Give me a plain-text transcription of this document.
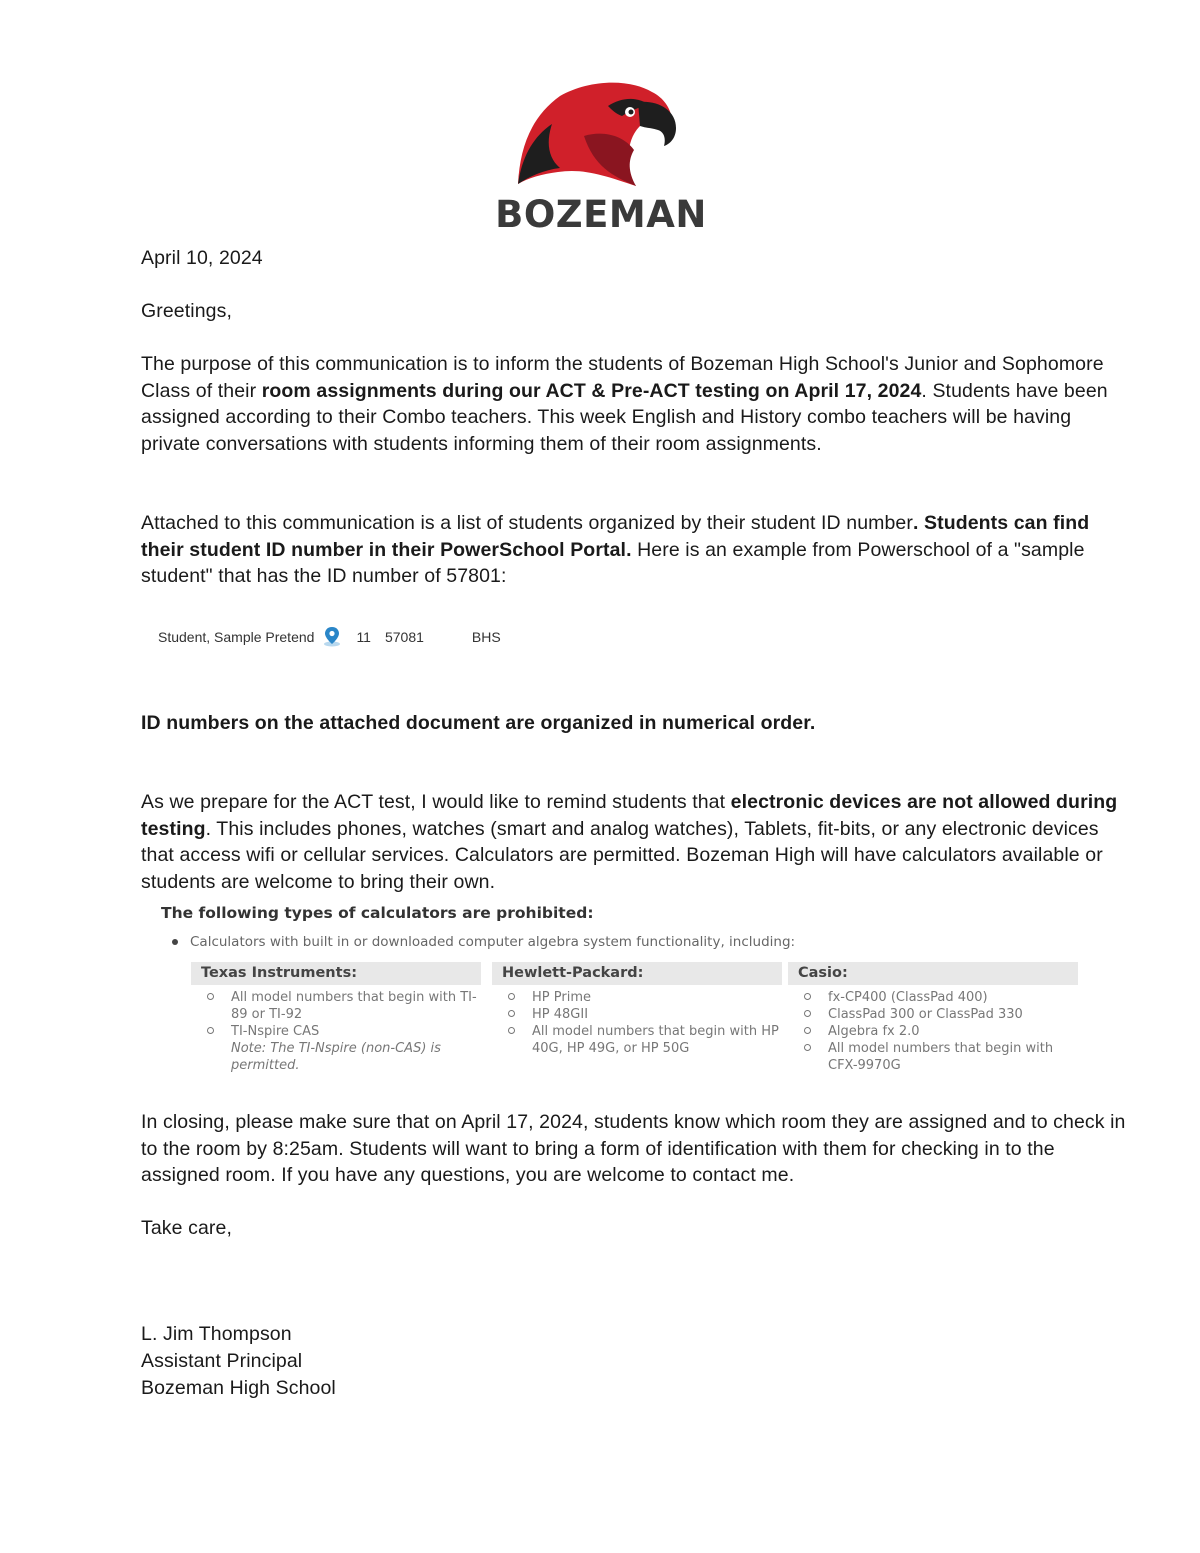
BOZEMAN

April 10, 2024

Greetings,

The purpose of this communication is to inform the students of Bozeman High School's Junior and Sophomore Class of their room assignments during our ACT & Pre-ACT testing on April 17, 2024. Students have been assigned according to their Combo teachers. This week English and History combo teachers will be having private conversations with students informing them of their room assignments.

Attached to this communication is a list of students organized by their student ID number. Students can find their student ID number in their PowerSchool Portal. Here is an example from Powerschool of a "sample student" that has the ID number of 57801:

Student, Sample Pretend	11 57081	BHS

ID numbers on the attached document are organized in numerical order.

As we prepare for the ACT test, I would like to remind students that electronic devices are not allowed during testing. This includes phones, watches (smart and analog watches), Tablets, fit-bits, or any electronic devices that access wifi or cellular services. Calculators are permitted. Bozeman High will have calculators available or students are welcome to bring their own.

The following types of calculators are prohibited:
Calculators with built in or downloaded computer algebra system functionality, including:
Texas Instruments:
All model numbers that begin with TI-89 or TI-92
TI-Nspire CAS
Note: The TI-Nspire (non-CAS) is permitted.
Hewlett-Packard:
HP Prime
HP 48GII
All model numbers that begin with HP 40G, HP 49G, or HP 50G
Casio:
fx-CP400 (ClassPad 400)
ClassPad 300 or ClassPad 330
Algebra fx 2.0
All model numbers that begin with CFX-9970G

In closing, please make sure that on April 17, 2024, students know which room they are assigned and to check in to the room by 8:25am. Students will want to bring a form of identification with them for checking in to the assigned room. If you have any questions, you are welcome to contact me.

Take care,

L. Jim Thompson

Assistant Principal

Bozeman High School
